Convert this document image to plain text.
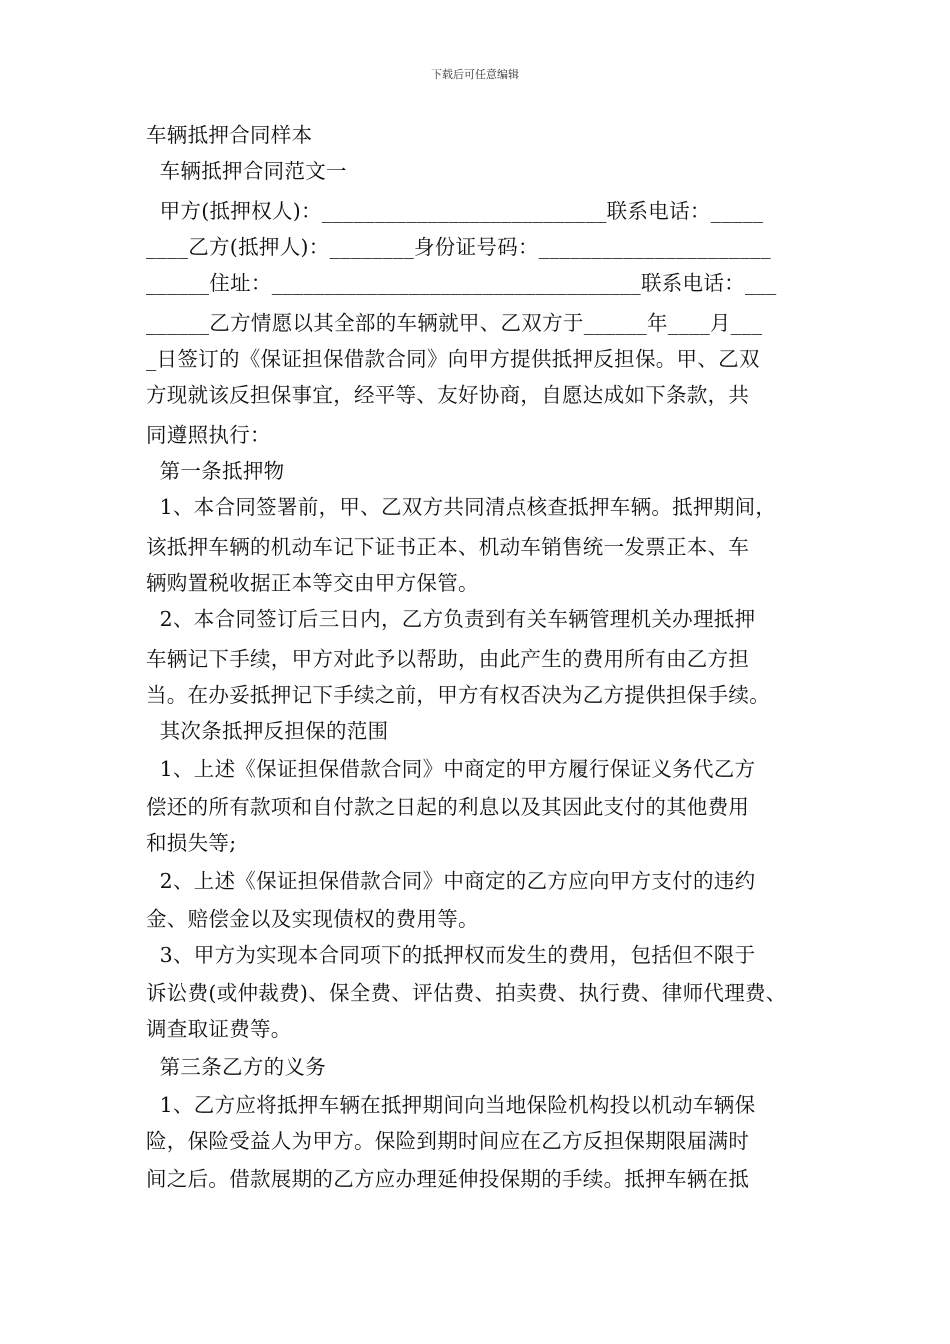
下载后可任意编辑
车辆抵押合同样本
车辆抵押合同范文一
甲方(抵押权人)：___________________________联系电话：_____
____乙方(抵押人)：________身份证号码：______________________
______住址：___________________________________联系电话：___
______乙方情愿以其全部的车辆就甲、乙双方于______年____月___
_日签订的《保证担保借款合同》向甲方提供抵押反担保。甲、乙双
方现就该反担保事宜，经平等、友好协商，自愿达成如下条款，共
同遵照执行：
第一条抵押物
1、本合同签署前，甲、乙双方共同清点核查抵押车辆。抵押期间，
该抵押车辆的机动车记下证书正本、机动车销售统一发票正本、车
辆购置税收据正本等交由甲方保管。
2、本合同签订后三日内，乙方负责到有关车辆管理机关办理抵押
车辆记下手续，甲方对此予以帮助，由此产生的费用所有由乙方担
当。在办妥抵押记下手续之前，甲方有权否决为乙方提供担保手续。
其次条抵押反担保的范围
1、上述《保证担保借款合同》中商定的甲方履行保证义务代乙方
偿还的所有款项和自付款之日起的利息以及其因此支付的其他费用
和损失等;
2、上述《保证担保借款合同》中商定的乙方应向甲方支付的违约
金、赔偿金以及实现债权的费用等。
3、甲方为实现本合同项下的抵押权而发生的费用，包括但不限于
诉讼费(或仲裁费)、保全费、评估费、拍卖费、执行费、律师代理费、
调查取证费等。
第三条乙方的义务
1、乙方应将抵押车辆在抵押期间向当地保险机构投以机动车辆保
险，保险受益人为甲方。保险到期时间应在乙方反担保期限届满时
间之后。借款展期的乙方应办理延伸投保期的手续。抵押车辆在抵
